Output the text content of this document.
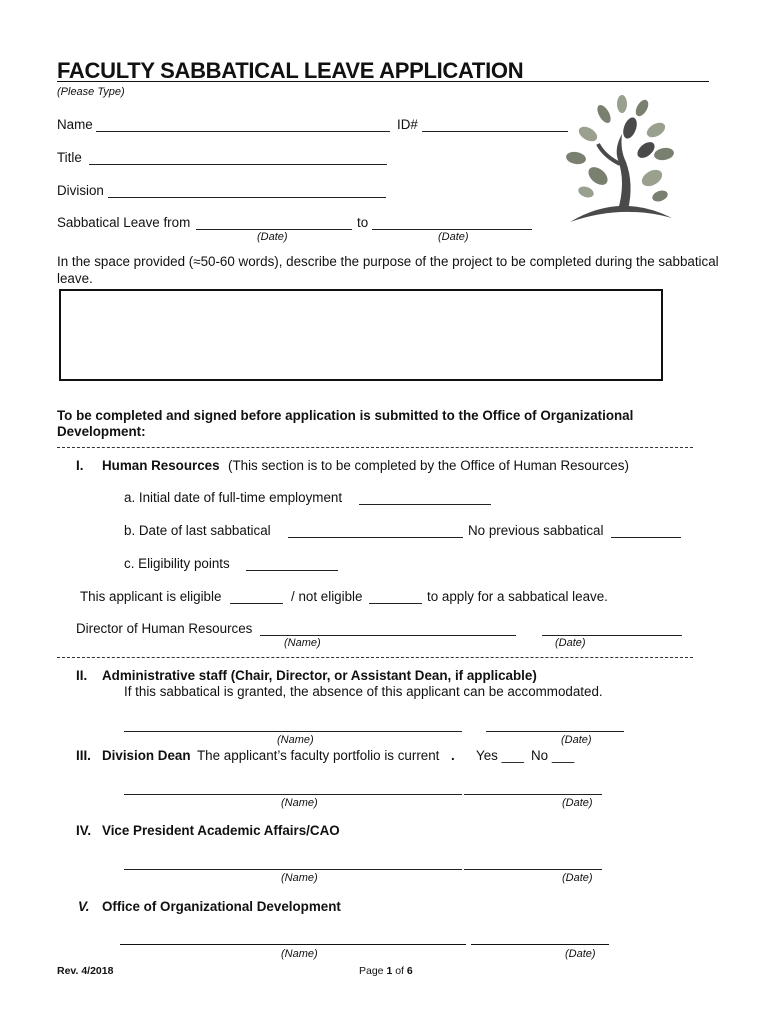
FACULTY SABBATICAL LEAVE APPLICATION
(Please Type)
Name	ID#
Title
Division
Sabbatical Leave from	to
(Date)	(Date)
In the space provided (≈50-60 words), describe the purpose of the project to be completed during the sabbatical
leave.
To be completed and signed before application is submitted to the Office of Organizational
Development:
I. Human Resources (This section is to be completed by the Office of Human Resources)
a. Initial date of full-time employment
b. Date of last sabbatical	No previous sabbatical
c. Eligibility points
This applicant is eligible	/ not eligible	to apply for a sabbatical leave.
Director of Human Resources
(Name)	(Date)
II. Administrative staff (Chair, Director, or Assistant Dean, if applicable)
If this sabbatical is granted, the absence of this applicant can be accommodated.
(Name)	(Date)
III. Division Dean The applicant’s faculty portfolio is current . Yes ___ No ___
(Name)	(Date)
IV. Vice President Academic Affairs/CAO
(Name)	(Date)
V. Office of Organizational Development
(Name)	(Date)
Rev. 4/2018	Page 1 of 6
